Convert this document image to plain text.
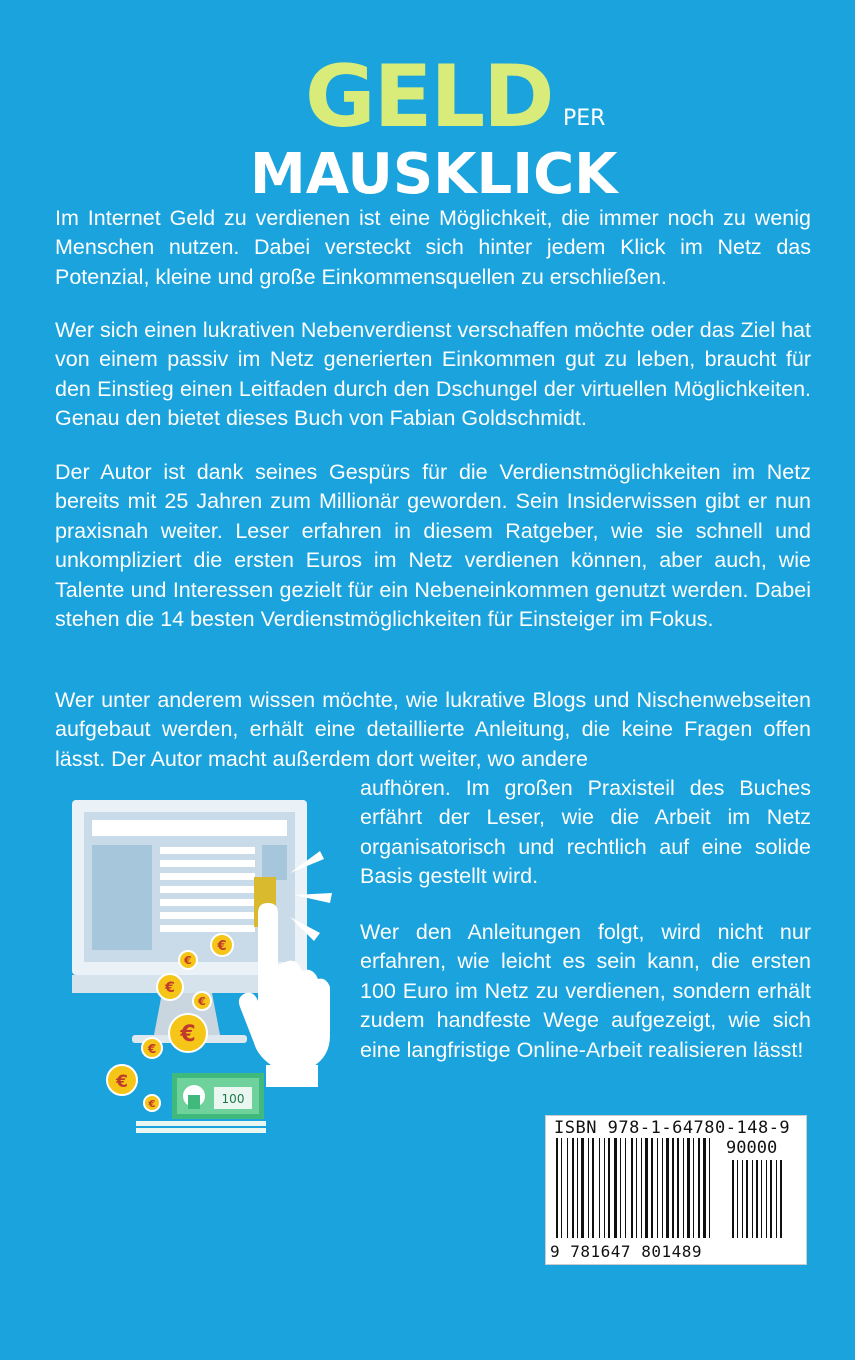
GELD PER
MAUSKLICK

Im Internet Geld zu verdienen ist eine Möglichkeit, die immer noch zu wenig Menschen nutzen. Dabei versteckt sich hinter jedem Klick im Netz das Potenzial, kleine und große Einkommensquellen zu erschließen.

Wer sich einen lukrativen Nebenverdienst verschaffen möchte oder das Ziel hat von einem passiv im Netz generierten Einkommen gut zu leben, braucht für den Einstieg einen Leitfaden durch den Dschungel der virtuellen Möglichkeiten. Genau den bietet dieses Buch von Fabian Goldschmidt.

Der Autor ist dank seines Gespürs für die Verdienstmöglichkeiten im Netz bereits mit 25 Jahren zum Millionär geworden. Sein Insiderwissen gibt er nun praxisnah weiter. Leser erfahren in diesem Ratgeber, wie sie schnell und unkompliziert die ersten Euros im Netz verdienen können, aber auch, wie Talente und Interessen gezielt für ein Nebeneinkommen genutzt werden. Dabei stehen die 14 besten Verdienstmöglichkeiten für Einsteiger im Fokus.

Wer unter anderem wissen möchte, wie lukrative Blogs und Nischenwebseiten aufgebaut werden, erhält eine detaillierte Anleitung, die keine Fragen offen lässt. Der Autor macht außerdem dort weiter, wo andere

aufhören. Im großen Praxisteil des Buches erfährt der Leser, wie die Arbeit im Netz organisatorisch und rechtlich auf eine solide Basis gestellt wird.

Wer den Anleitungen folgt, wird nicht nur erfahren, wie leicht es sein kann, die ersten 100 Euro im Netz zu verdienen, sondern erhält zudem handfeste Wege aufgezeigt, wie sich eine langfristige Online-Arbeit realisieren lässt!

€
€
€
€
€
€
€
€	100
ISBN 978-1-64780-148-9
90000
9 781647 801489
